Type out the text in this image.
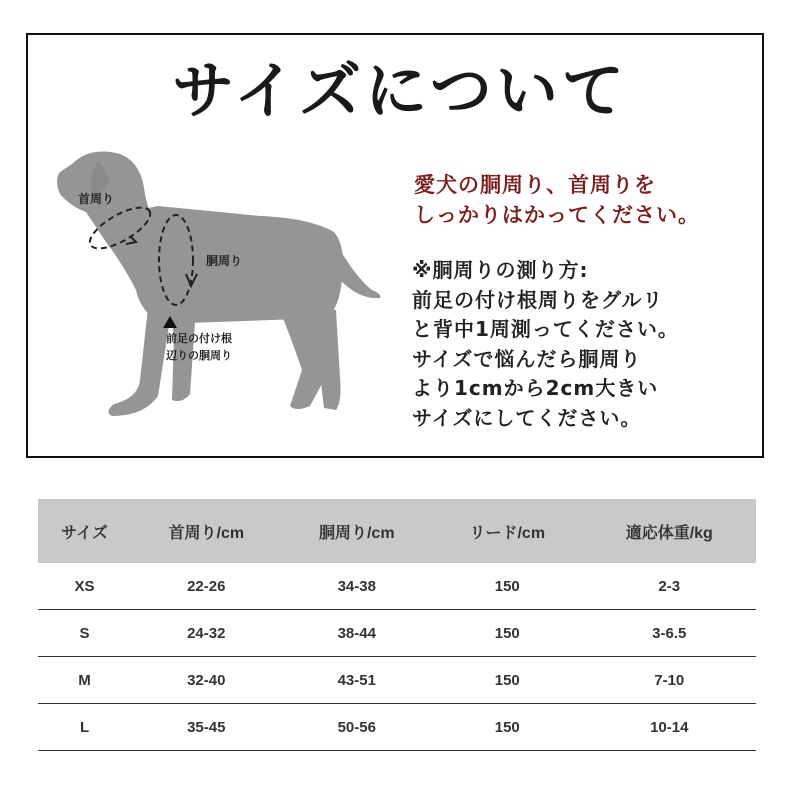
サイズについて
首周り
胴周り
前足の付け根
辺りの胴周り
愛犬の胴周り、首周りを
しっかりはかってください。
※胴周りの測り方:
前足の付け根周りをグルリ
と背中1周測ってください。
サイズで悩んだら胴周り
より1cmから2cm大きい
サイズにしてください。
サイズ	首周り/cm	胴周り/cm	リード/cm	適応体重/kg
XS	22-26	34-38	150	2-3
S	24-32	38-44	150	3-6.5
M	32-40	43-51	150	7-10
L	35-45	50-56	150	10-14
